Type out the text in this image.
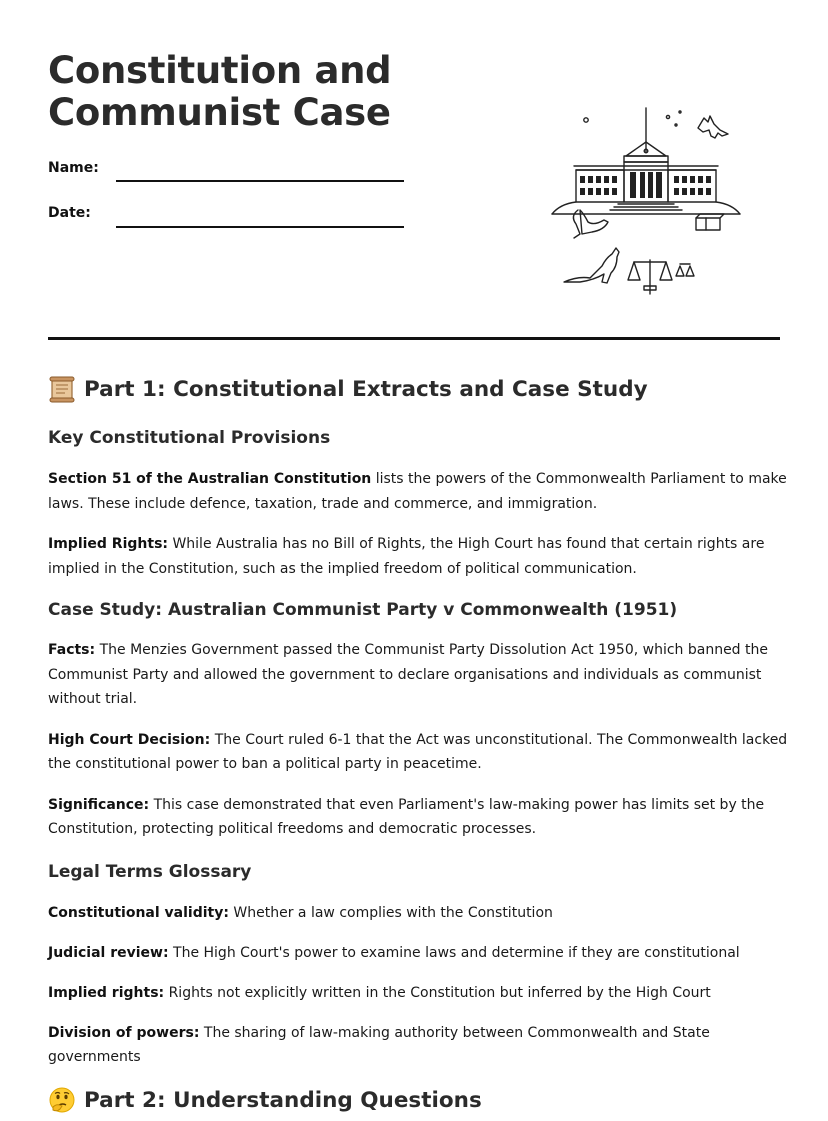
Constitution and
Communist Case
Name:
Date:
Part 1: Constitutional Extracts and Case Study
Key Constitutional Provisions

Section 51 of the Australian Constitution lists the powers of the Commonwealth Parliament to make laws. These include defence, taxation, trade and commerce, and immigration.

Implied Rights: While Australia has no Bill of Rights, the High Court has found that certain rights are implied in the Constitution, such as the implied freedom of political communication.

Case Study: Australian Communist Party v Commonwealth (1951)

Facts: The Menzies Government passed the Communist Party Dissolution Act 1950, which banned the Communist Party and allowed the government to declare organisations and individuals as communist without trial.

High Court Decision: The Court ruled 6-1 that the Act was unconstitutional. The Commonwealth lacked the constitutional power to ban a political party in peacetime.

Significance: This case demonstrated that even Parliament's law-making power has limits set by the Constitution, protecting political freedoms and democratic processes.

Legal Terms Glossary

Constitutional validity: Whether a law complies with the Constitution

Judicial review: The High Court's power to examine laws and determine if they are constitutional

Implied rights: Rights not explicitly written in the Constitution but inferred by the High Court

Division of powers: The sharing of law-making authority between Commonwealth and State governments

Part 2: Understanding Questions
